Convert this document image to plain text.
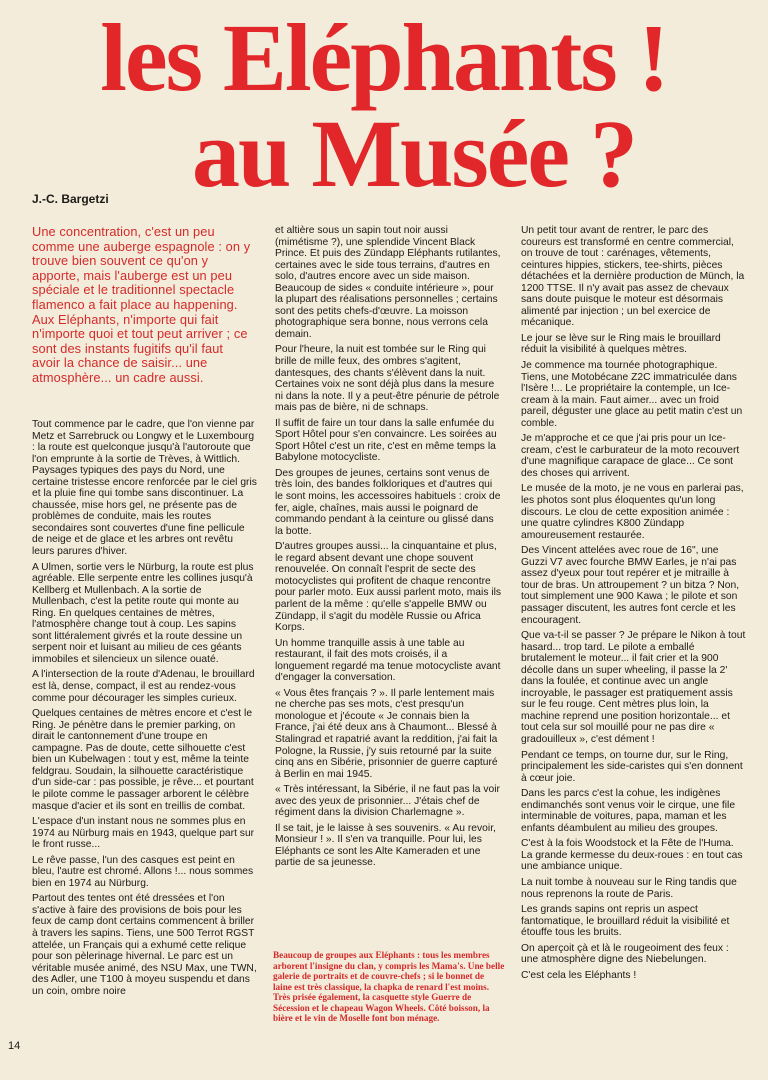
les Eléphants !
au Musée ?
J.-C. Bargetzi

Une concentration, c'est un peu comme une auberge espagnole : on y trouve bien souvent ce qu'on y apporte, mais l'auberge est un peu spéciale et le traditionnel spectacle flamenco a fait place au happening.

Aux Eléphants, n'importe qui fait n'importe quoi et tout peut arriver ; ce sont des instants fugitifs qu'il faut avoir la chance de saisir... une atmosphère... un cadre aussi.

Tout commence par le cadre, que l'on vienne par Metz et Sarrebruck ou Longwy et le Luxembourg : la route est quelconque jusqu'à l'autoroute que l'on emprunte à la sortie de Trèves, à Wittlich. Paysages typiques des pays du Nord, une certaine tristesse encore renforcée par le ciel gris et la pluie fine qui tombe sans discontinuer. La chaussée, mise hors gel, ne présente pas de problèmes de conduite, mais les routes secondaires sont couvertes d'une fine pellicule de neige et de glace et les arbres ont revêtu leurs parures d'hiver.

A Ulmen, sortie vers le Nürburg, la route est plus agréable. Elle serpente entre les collines jusqu'à Kellberg et Mullenbach. A la sortie de Mullenbach, c'est la petite route qui monte au Ring. En quelques centaines de mètres, l'atmosphère change tout à coup. Les sapins sont littéralement givrés et la route dessine un serpent noir et luisant au milieu de ces géants immobiles et silencieux un silence ouaté.

A l'intersection de la route d'Adenau, le brouillard est là, dense, compact, il est au rendez-vous comme pour décourager les simples curieux.

Quelques centaines de mètres encore et c'est le Ring. Je pénètre dans le premier parking, on dirait le cantonnement d'une troupe en campagne. Pas de doute, cette silhouette c'est bien un Kubelwagen : tout y est, même la teinte feldgrau. Soudain, la silhouette caractéristique d'un side-car : pas possible, je rêve... et pourtant le pilote comme le passager arborent le célèbre masque d'acier et ils sont en treillis de combat.

L'espace d'un instant nous ne sommes plus en 1974 au Nürburg mais en 1943, quelque part sur le front russe...

Le rêve passe, l'un des casques est peint en bleu, l'autre est chromé. Allons !... nous sommes bien en 1974 au Nürburg.

Partout des tentes ont été dressées et l'on s'active à faire des provisions de bois pour les feux de camp dont certains commencent à briller à travers les sapins. Tiens, une 500 Terrot RGST attelée, un Français qui a exhumé cette relique pour son pèlerinage hivernal. Le parc est un véritable musée animé, des NSU Max, une TWN, des Adler, une T100 à moyeu suspendu et dans un coin, ombre noire

et altière sous un sapin tout noir aussi (mimétisme ?), une splendide Vincent Black Prince. Et puis des Zündapp Eléphants rutilantes, certaines avec le side tous terrains, d'autres en solo, d'autres encore avec un side maison. Beaucoup de sides « conduite intérieure », pour la plupart des réalisations personnelles ; certains sont des petits chefs-d'œuvre. La moisson photographique sera bonne, nous verrons cela demain.

Pour l'heure, la nuit est tombée sur le Ring qui brille de mille feux, des ombres s'agitent, dantesques, des chants s'élèvent dans la nuit. Certaines voix ne sont déjà plus dans la mesure ni dans la note. Il y a peut-être pénurie de pétrole mais pas de bière, ni de schnaps.

Il suffit de faire un tour dans la salle enfumée du Sport Hôtel pour s'en convaincre. Les soirées au Sport Hôtel c'est un rite, c'est en même temps la Babylone motocycliste.

Des groupes de jeunes, certains sont venus de très loin, des bandes folkloriques et d'autres qui le sont moins, les accessoires habituels : croix de fer, aigle, chaînes, mais aussi le poignard de commando pendant à la ceinture ou glissé dans la botte.

D'autres groupes aussi... la cinquantaine et plus, le regard absent devant une chope souvent renouvelée. On connaît l'esprit de secte des motocyclistes qui profitent de chaque rencontre pour parler moto. Eux aussi parlent moto, mais ils parlent de la même : qu'elle s'appelle BMW ou Zündapp, il s'agit du modèle Russie ou Africa Korps.

Un homme tranquille assis à une table au restaurant, il fait des mots croisés, il a longuement regardé ma tenue motocycliste avant d'engager la conversation.

« Vous êtes français ? ». Il parle lentement mais ne cherche pas ses mots, c'est presqu'un monologue et j'écoute « Je connais bien la France, j'ai été deux ans à Chaumont... Blessé à Stalingrad et rapatrié avant la reddition, j'ai fait la Pologne, la Russie, j'y suis retourné par la suite cinq ans en Sibérie, prisonnier de guerre capturé à Berlin en mai 1945.

« Très intéressant, la Sibérie, il ne faut pas la voir avec des yeux de prisonnier... J'étais chef de régiment dans la division Charlemagne ».

Il se tait, je le laisse à ses souvenirs. « Au revoir, Monsieur ! ». Il s'en va tranquille. Pour lui, les Eléphants ce sont les Alte Kameraden et une partie de sa jeunesse.

Beaucoup de groupes aux Eléphants : tous les membres arborent l'insigne du clan, y compris les Mama's. Une belle galerie de portraits et de couvre-chefs ; si le bonnet de laine est très classique, la chapka de renard l'est moins. Très prisée également, la casquette style Guerre de Sécession et le chapeau Wagon Wheels. Côté boisson, la bière et le vin de Moselle font bon ménage.

Un petit tour avant de rentrer, le parc des coureurs est transformé en centre commercial, on trouve de tout : carénages, vêtements, ceintures hippies, stickers, tee-shirts, pièces détachées et la dernière production de Münch, la 1200 TTSE. Il n'y avait pas assez de chevaux sans doute puisque le moteur est désormais alimenté par injection ; un bel exercice de mécanique.

Le jour se lève sur le Ring mais le brouillard réduit la visibilité à quelques mètres.

Je commence ma tournée photographique. Tiens, une Motobécane Z2C immatriculée dans l'Isère !... Le propriétaire la contemple, un Ice-cream à la main. Faut aimer... avec un froid pareil, déguster une glace au petit matin c'est un comble.

Je m'approche et ce que j'ai pris pour un Ice-cream, c'est le carburateur de la moto recouvert d'une magnifique carapace de glace... Ce sont des choses qui arrivent.

Le musée de la moto, je ne vous en parlerai pas, les photos sont plus éloquentes qu'un long discours. Le clou de cette exposition animée : une quatre cylindres K800 Zündapp amoureusement restaurée.

Des Vincent attelées avec roue de 16", une Guzzi V7 avec fourche BMW Earles, je n'ai pas assez d'yeux pour tout repérer et je mitraille à tour de bras. Un attroupement ? un bitza ? Non, tout simplement une 900 Kawa ; le pilote et son passager discutent, les autres font cercle et les encouragent.

Que va-t-il se passer ? Je prépare le Nikon à tout hasard... trop tard. Le pilote a emballé brutalement le moteur... il fait crier et la 900 décolle dans un super wheeling, il passe la 2' dans la foulée, et continue avec un angle incroyable, le passager est pratiquement assis sur le feu rouge. Cent mètres plus loin, la machine reprend une position horizontale... et tout cela sur sol mouillé pour ne pas dire « gradouilleux », c'est dément !

Pendant ce temps, on tourne dur, sur le Ring, principalement les side-caristes qui s'en donnent à cœur joie.

Dans les parcs c'est la cohue, les indigènes endimanchés sont venus voir le cirque, une file interminable de voitures, papa, maman et les enfants déambulent au milieu des groupes.

C'est à la fois Woodstock et la Fête de l'Huma. La grande kermesse du deux-roues : en tout cas une ambiance unique.

La nuit tombe à nouveau sur le Ring tandis que nous reprenons la route de Paris.

Les grands sapins ont repris un aspect fantomatique, le brouillard réduit la visibilité et étouffe tous les bruits.

On aperçoit çà et là le rougeoiment des feux : une atmosphère digne des Niebelungen.

C'est cela les Eléphants !

14
